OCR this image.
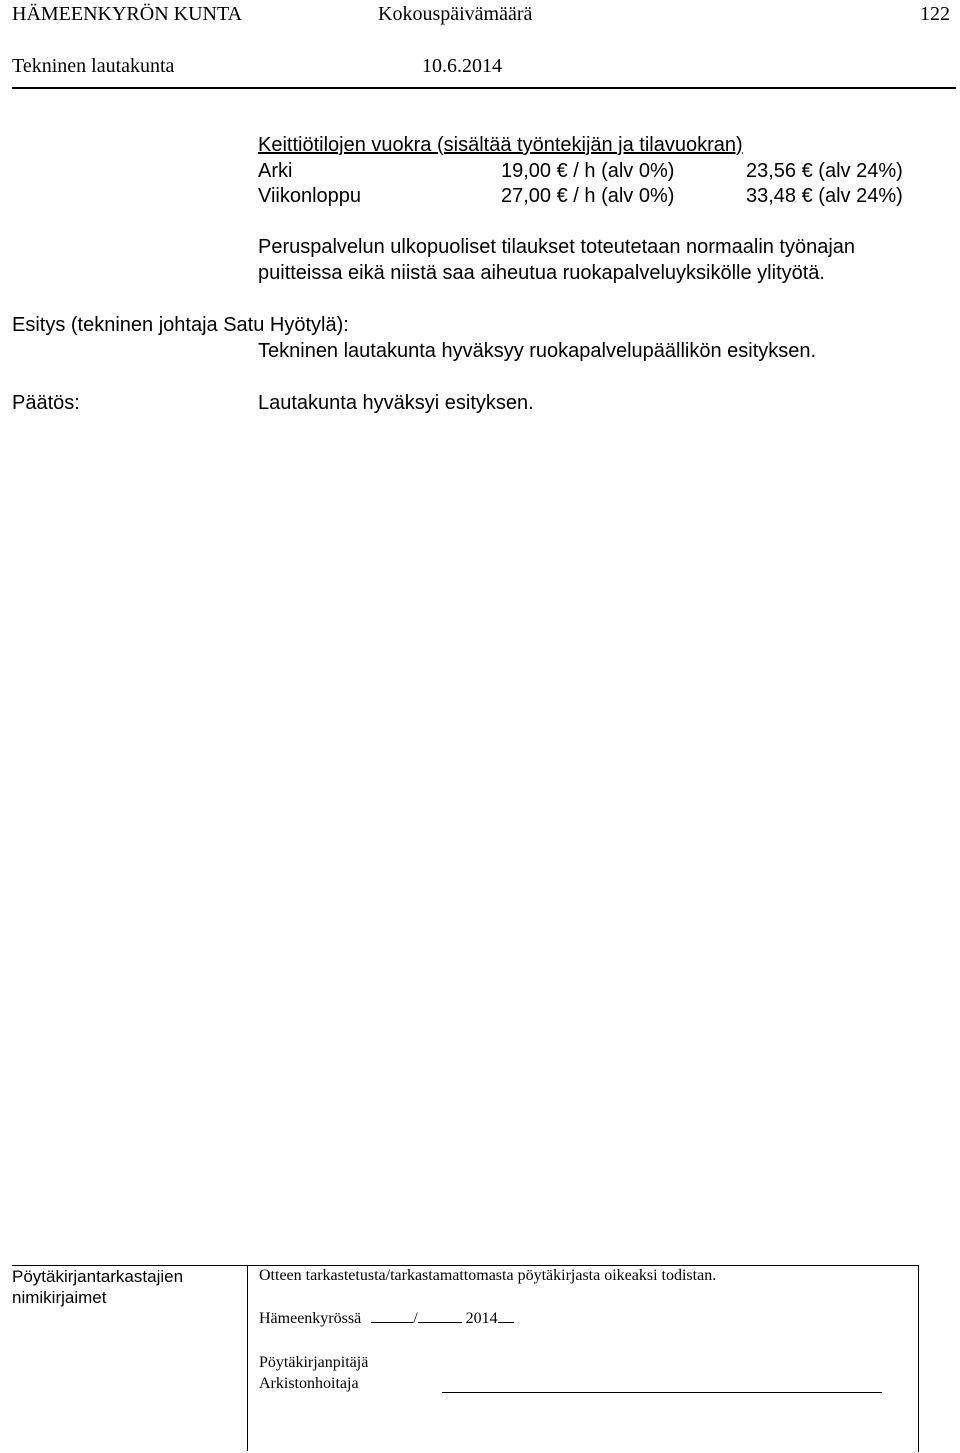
HÄMEENKYRÖN KUNTA	Kokouspäivämäärä	122
Tekninen lautakunta	10.6.2014
Keittiötilojen vuokra (sisältää työntekijän ja tilavuokran)
Arki	19,00 € / h (alv 0%)	23,56 € (alv 24%)
Viikonloppu	27,00 € / h (alv 0%)	33,48 € (alv 24%)
Peruspalvelun ulkopuoliset tilaukset toteutetaan normaalin työnajan
puitteissa eikä niistä saa aiheutua ruokapalveluyksikölle ylityötä.
Esitys (tekninen johtaja Satu Hyötylä):
Tekninen lautakunta hyväksyy ruokapalvelupäällikön esityksen.
Päätös:	Lautakunta hyväksyi esityksen.
Pöytäkirjantarkastajien
nimikirjaimet
Otteen tarkastetusta/tarkastamattomasta pöytäkirjasta oikeaksi todistan.
Hämeenkyrössä	/	2014
Pöytäkirjanpitäjä
Arkistonhoitaja
